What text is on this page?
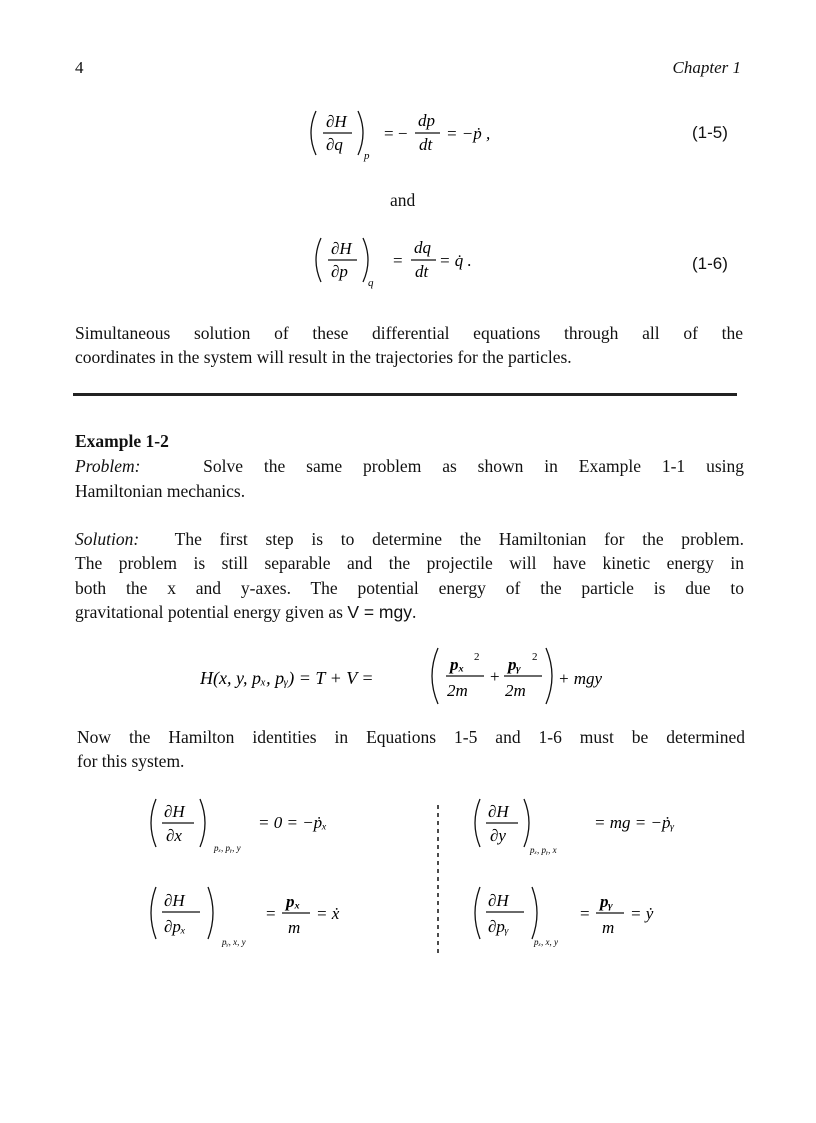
4	Chapter 1
∂H
∂q
p
= −
dp
dt
= −ṗ ,	(1-5)
and
∂H
∂p
q
=
dq
dt
= q̇ .	(1-6)
Simultaneous solution of these differential equations through all of the
coordinates in the system will result in the trajectories for the particles.
Example 1-2
Problem:	Solve the same problem as shown in Example 1-1 using
Hamiltonian mechanics.
Solution: The first step is to determine the Hamiltonian for the problem.
The problem is still separable and the projectile will have kinetic energy in
both the x and y-axes. The potential energy of the particle is due to
gravitational potential energy given as V = mgy.
H(x, y, pₓ, pᵧ) = T + V =
pₓ 2
2m
+
pᵧ 2
2m
+ mgy
Now the Hamilton identities in Equations 1-5 and 1-6 must be determined
for this system.
∂H
∂x
pₓ, pᵧ, y
= 0 = −ṗₓ
∂H
∂y
pₓ, pᵧ, x
= mg = −ṗᵧ
∂H
∂pₓ
pᵧ, x, y
=
pₓ
m
= ẋ
∂H
∂pᵧ
pₓ, x, y
=
pᵧ
m
= ẏ
